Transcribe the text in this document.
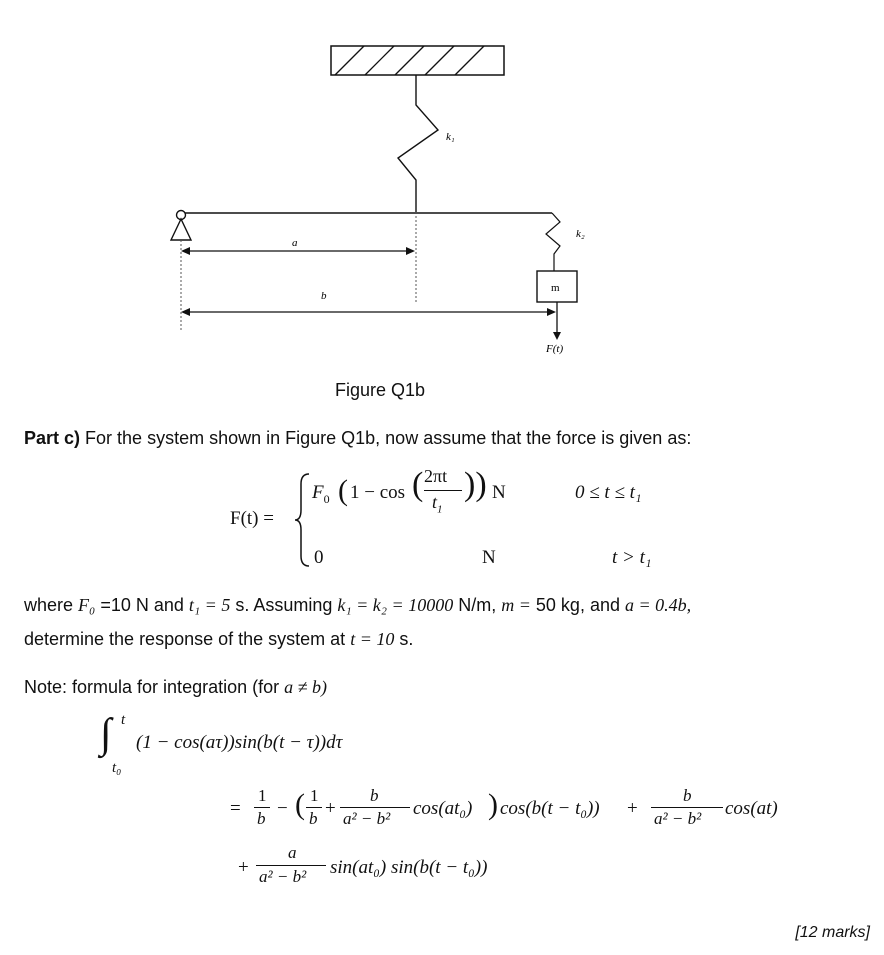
k₁
k₂
m
F(t)
a
b
Figure Q1b
Part c) For the system shown in Figure Q1b, now assume that the force is given as:
F(t) =
$F_0$ ( 1 − cos ( 2πt
$t_1$
)) N	0 ≤ t ≤ t₁
0	N	t > t₁
where F₀ =10 N and t₁ = 5 s. Assuming k₁ = k₂ = 10000 N/m, m = 50 kg, and a = 0.4b,
determine the response of the system at t = 10 s.
Note: formula for integration (for a ≠ b)
∫ t
t₀
(1 − cos(aτ))sin(b(t − τ))dτ
=
1
b − ( 1
b +
b
a² − b² cos(at₀) ) cos(b(t − t₀)) +
b
a² − b² cos(at)
+
a
a² − b² sin(at₀) sin(b(t − t₀))
[12 marks]
